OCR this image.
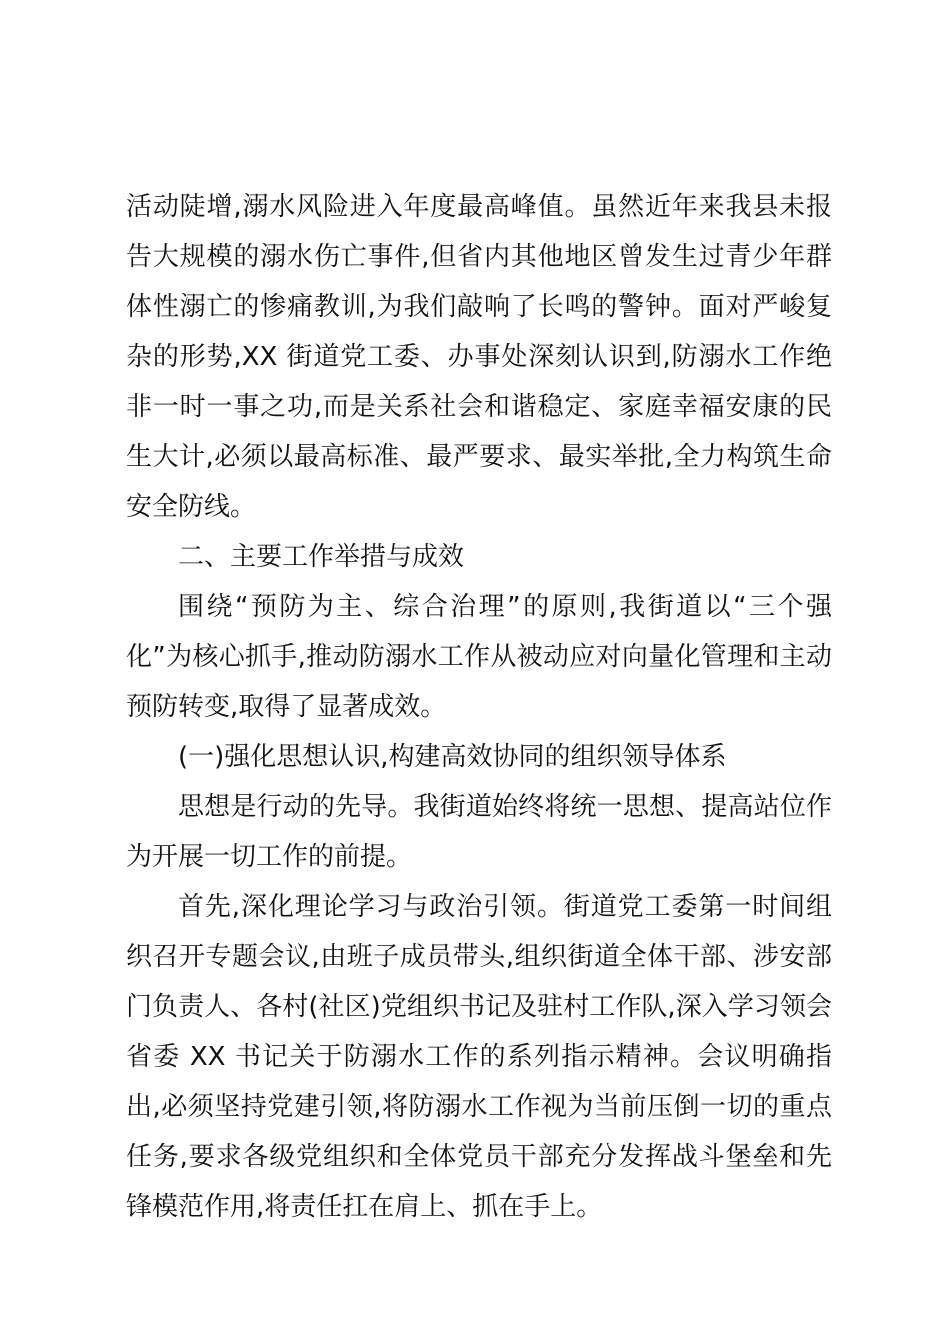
活动陡增,溺水风险进入年度最高峰值。虽然近年来我县未报告大规模的溺水伤亡事件,但省内其他地区曾发生过青少年群体性溺亡的惨痛教训,为我们敲响了长鸣的警钟。面对严峻复杂的形势,XX 街道党工委、办事处深刻认识到,防溺水工作绝非一时一事之功,而是关系社会和谐稳定、家庭幸福安康的民生大计,必须以最高标准、最严要求、最实举批,全力构筑生命安全防线。

二、主要工作举措与成效

围绕“预防为主、综合治理”的原则,我街道以“三个强化”为核心抓手,推动防溺水工作从被动应对向量化管理和主动预防转变,取得了显著成效。

(一)强化思想认识,构建高效协同的组织领导体系

思想是行动的先导。我街道始终将统一思想、提高站位作为开展一切工作的前提。

首先,深化理论学习与政治引领。街道党工委第一时间组织召开专题会议,由班子成员带头,组织街道全体干部、涉安部门负责人、各村(社区)党组织书记及驻村工作队,深入学习领会省委 XX 书记关于防溺水工作的系列指示精神。会议明确指出,必须坚持党建引领,将防溺水工作视为当前压倒一切的重点任务,要求各级党组织和全体党员干部充分发挥战斗堡垒和先锋模范作用,将责任扛在肩上、抓在手上。
